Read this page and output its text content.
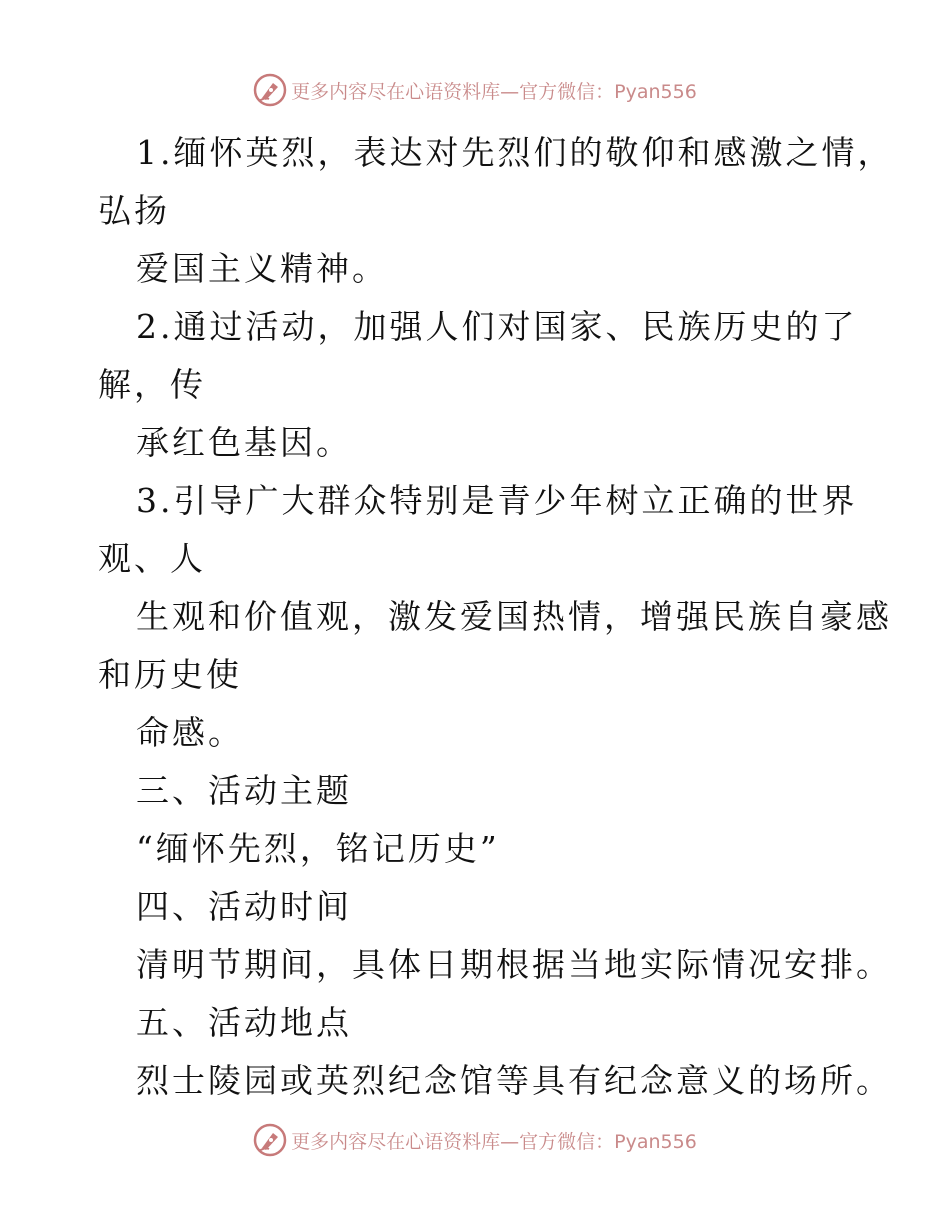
更多内容尽在心语资料库—官方微信：Pyan556
1.缅怀英烈，表达对先烈们的敬仰和感激之情，
弘扬
爱国主义精神。
2.通过活动，加强人们对国家、民族历史的了
解，传
承红色基因。
3.引导广大群众特别是青少年树立正确的世界
观、人
生观和价值观，激发爱国热情，增强民族自豪感
和历史使
命感。
三、活动主题
“缅怀先烈，铭记历史”
四、活动时间
清明节期间，具体日期根据当地实际情况安排。
五、活动地点
烈士陵园或英烈纪念馆等具有纪念意义的场所。
更多内容尽在心语资料库—官方微信：Pyan556
